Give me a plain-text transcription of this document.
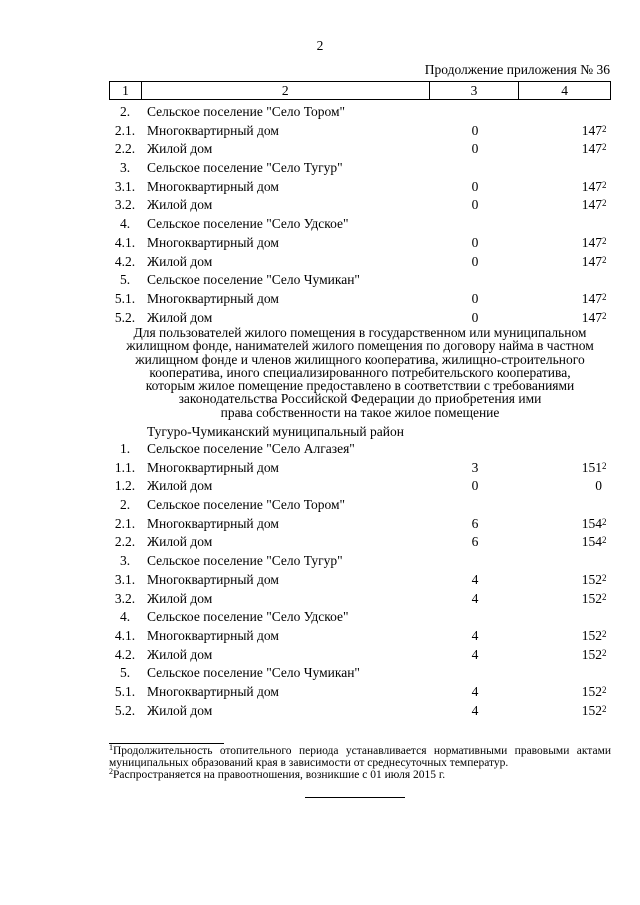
2
Продолжение приложения № 36
1	2	3	4
2.	Сельское поселение "Село Тором"
2.1. Многоквартирный дом	0	147 2
2.2. Жилой дом	0	147 2
3.	Сельское поселение "Село Тугур"
3.1. Многоквартирный дом	0	147 2
3.2. Жилой дом	0	147 2
4.	Сельское поселение "Село Удское"
4.1. Многоквартирный дом	0	147 2
4.2. Жилой дом	0	147 2
5.	Сельское поселение "Село Чумикан"
5.1. Многоквартирный дом	0	147 2
5.2. Жилой дом	0	147 2
Для пользователей жилого помещения в государственном или муниципальном
жилищном фонде, нанимателей жилого помещения по договору найма в частном
жилищном фонде и членов жилищного кооператива, жилищно-строительного
кооператива, иного специализированного потребительского кооператива,
которым жилое помещение предоставлено в соответствии с требованиями
законодательства Российской Федерации до приобретения ими
права собственности на такое жилое помещение
Тугуро-Чумиканский муниципальный район
1.	Сельское поселение "Село Алгазея"
1.1. Многоквартирный дом	3	151 2
1.2. Жилой дом	0	0
2.	Сельское поселение "Село Тором"
2.1. Многоквартирный дом	6	154 2
2.2. Жилой дом	6	154 2
3.	Сельское поселение "Село Тугур"
3.1. Многоквартирный дом	4	152 2
3.2. Жилой дом	4	152 2
4.	Сельское поселение "Село Удское"
4.1. Многоквартирный дом	4	152 2
4.2. Жилой дом	4	152 2
5.	Сельское поселение "Село Чумикан"
5.1. Многоквартирный дом	4	152 2
5.2. Жилой дом	4	152 2

$^1$Продолжительность отопительного периода устанавливается нормативными правовыми актами муниципальных образований края в зависимости от среднесуточных температур.

$^2$Распространяется на правоотношения, возникшие с 01 июля 2015 г.
